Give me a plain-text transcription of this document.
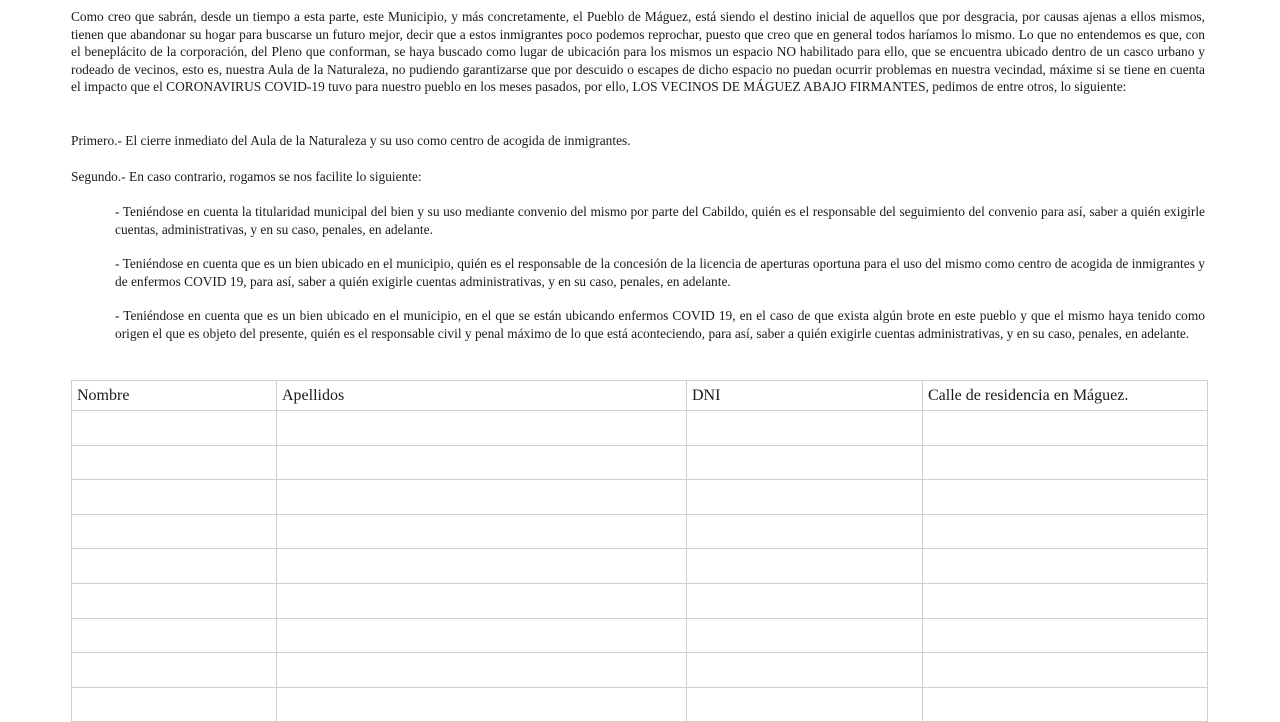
Como creo que sabrán, desde un tiempo a esta parte, este Municipio, y más concretamente, el Pueblo de Máguez, está siendo el destino inicial de aquellos que por desgracia, por causas ajenas a ellos mismos, tienen que abandonar su hogar para buscarse un futuro mejor, decir que a estos inmigrantes poco podemos reprochar, puesto que creo que en general todos haríamos lo mismo. Lo que no entendemos es que, con el beneplácito de la corporación, del Pleno que conforman, se haya buscado como lugar de ubicación para los mismos un espacio NO habilitado para ello, que se encuentra ubicado dentro de un casco urbano y rodeado de vecinos, esto es, nuestra Aula de la Naturaleza, no pudiendo garantizarse que por descuido o escapes de dicho espacio no puedan ocurrir problemas en nuestra vecindad, máxime si se tiene en cuenta el impacto que el CORONAVIRUS COVID-19 tuvo para nuestro pueblo en los meses pasados, por ello, LOS VECINOS DE MÁGUEZ ABAJO FIRMANTES, pedimos de entre otros, lo siguiente:

Primero.- El cierre inmediato del Aula de la Naturaleza y su uso como centro de acogida de inmigrantes.

Segundo.- En caso contrario, rogamos se nos facilite lo siguiente:

- Teniéndose en cuenta la titularidad municipal del bien y su uso mediante convenio del mismo por parte del Cabildo, quién es el responsable del seguimiento del convenio para así, saber a quién exigirle cuentas, administrativas, y en su caso, penales, en adelante.

- Teniéndose en cuenta que es un bien ubicado en el municipio, quién es el responsable de la concesión de la licencia de aperturas oportuna para el uso del mismo como centro de acogida de inmigrantes y de enfermos COVID 19, para así, saber a quién exigirle cuentas administrativas, y en su caso, penales, en adelante.

- Teniéndose en cuenta que es un bien ubicado en el municipio, en el que se están ubicando enfermos COVID 19, en el caso de que exista algún brote en este pueblo y que el mismo haya tenido como origen el que es objeto del presente, quién es el responsable civil y penal máximo de lo que está aconteciendo, para así, saber a quién exigirle cuentas administrativas, y en su caso, penales, en adelante.

Nombre	Apellidos	DNI	Calle de residencia en Máguez.
